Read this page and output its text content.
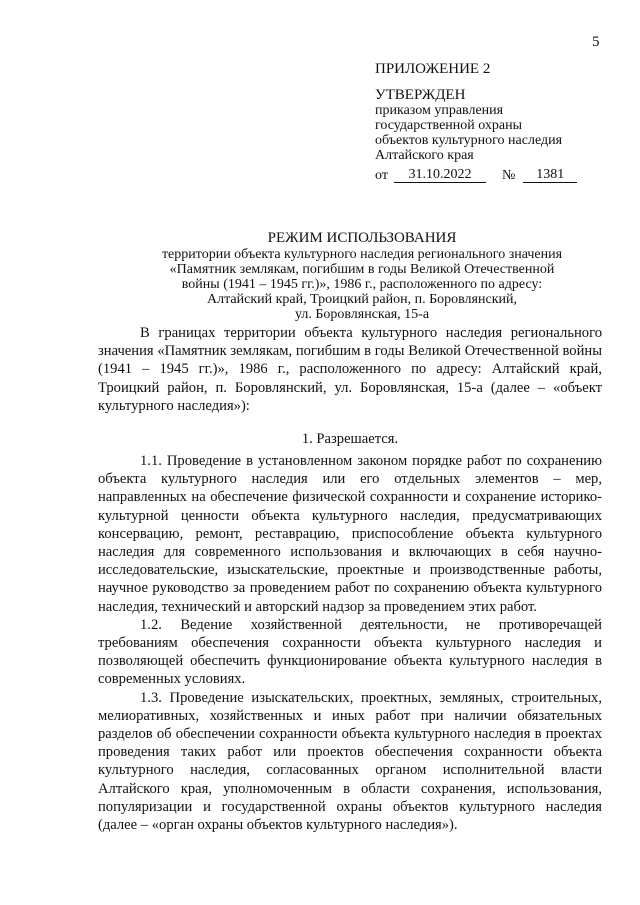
5
ПРИЛОЖЕНИЕ 2
УТВЕРЖДЕН
приказом управления
государственной охраны
объектов культурного наследия
Алтайского края
от	31.10.2022	№	1381
РЕЖИМ ИСПОЛЬЗОВАНИЯ
территории объекта культурного наследия регионального значения
«Памятник землякам, погибшим в годы Великой Отечественной
войны (1941 – 1945 гг.)», 1986 г., расположенного по адресу:
Алтайский край, Троицкий район, п. Боровлянский,
ул. Боровлянская, 15-а

В границах территории объекта культурного наследия регионального значения «Памятник землякам, погибшим в годы Великой Отечественной войны (1941 – 1945 гг.)», 1986 г., расположенного по адресу: Алтайский край, Троицкий район, п. Боровлянский, ул. Боровлянская, 15-а (далее – «объект культурного наследия»):

1. Разрешается.

1.1. Проведение в установленном законом порядке работ по сохранению объекта культурного наследия или его отдельных элементов – мер, направленных на обеспечение физической сохранности и сохранение историко-культурной ценности объекта культурного наследия, предусматривающих консервацию, ремонт, реставрацию, приспособление объекта культурного наследия для современного использования и включающих в себя научно-исследовательские, изыскательские, проектные и производственные работы, научное руководство за проведением работ по сохранению объекта культурного наследия, технический и авторский надзор за проведением этих работ.

1.2. Ведение хозяйственной деятельности, не противоречащей требованиям обеспечения сохранности объекта культурного наследия и позволяющей обеспечить функционирование объекта культурного наследия в современных условиях.

1.3. Проведение изыскательских, проектных, земляных, строительных, мелиоративных, хозяйственных и иных работ при наличии обязательных разделов об обеспечении сохранности объекта культурного наследия в проектах проведения таких работ или проектов обеспечения сохранности объекта культурного наследия, согласованных органом исполнительной власти Алтайского края, уполномоченным в области сохранения, использования, популяризации и государственной охраны объектов культурного наследия (далее – «орган охраны объектов культурного наследия»).
